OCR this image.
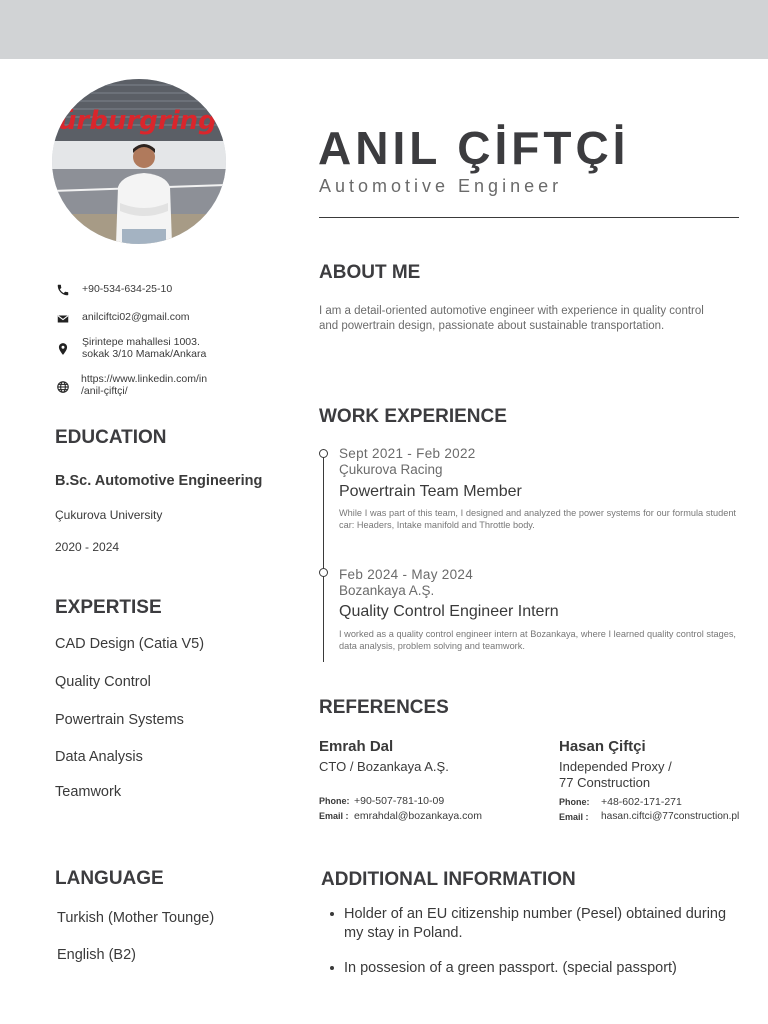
ürburgring
ANIL ÇİFTÇİ
Automotive Engineer
+90-534-634-25-10
anilciftci02@gmail.com
Şirintepe mahallesi 1003.
sokak 3/10 Mamak/Ankara
https://www.linkedin.com/in
/anil-çiftçi/
EDUCATION
B.Sc. Automotive Engineering
Çukurova University
2020 - 2024
EXPERTISE
CAD Design (Catia V5)
Quality Control
Powertrain Systems
Data Analysis
Teamwork
LANGUAGE
Turkish (Mother Tounge)
English (B2)
ABOUT ME
I am a detail-oriented automotive engineer with experience in quality control and powertrain design, passionate about sustainable transportation.
WORK EXPERIENCE
Sept 2021 - Feb 2022
Çukurova Racing
Powertrain Team Member
While I was part of this team, I designed and analyzed the power systems for our formula student car: Headers, Intake manifold and Throttle body.
Feb 2024 - May 2024
Bozankaya A.Ş.
Quality Control Engineer Intern
I worked as a quality control engineer intern at Bozankaya, where I learned quality control stages, data analysis, problem solving and teamwork.
REFERENCES
Emrah Dal
CTO / Bozankaya A.Ş.
Phone: +90-507-781-10-09
Email : emrahdal@bozankaya.com
Hasan Çiftçi
Independed Proxy /
77 Construction
Phone: +48-602-171-271
Email : hasan.ciftci@77construction.pl
ADDITIONAL INFORMATION
Holder of an EU citizenship number (Pesel) obtained during my stay in Poland.
In possesion of a green passport. (special passport)
